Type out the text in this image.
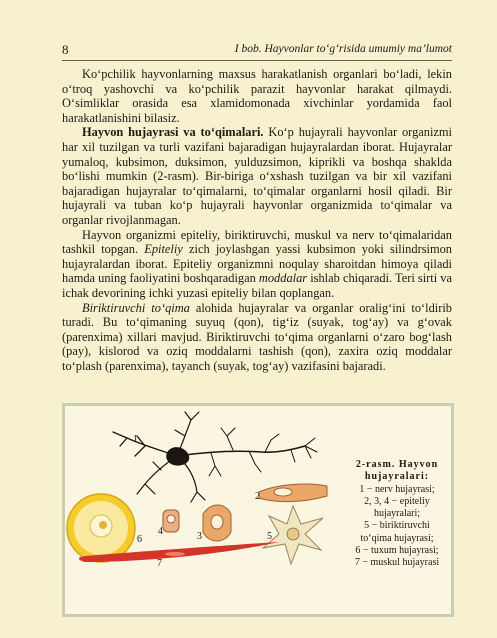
8	I bob. Hayvonlar to‘g‘risida umumiy ma’lumot

Ko‘pchilik hayvonlarning maxsus harakatlanish organlari bo‘ladi, lekin o‘troq yashovchi va ko‘pchilik parazit hayvonlar harakat qilmaydi. O‘simliklar orasida esa xlamidomonada xivchinlar yordamida faol harakatlanishini bilasiz.

Hayvon hujayrasi va to‘qimalari. Ko‘p hujayrali hayvonlar organizmi har xil tuzilgan va turli vazifani bajaradigan hujayralardan iborat. Hujayralar yumaloq, kubsimon, duksimon, yulduzsimon, kiprikli va boshqa shaklda bo‘lishi mumkin (2-rasm). Bir-biriga o‘xshash tuzilgan va bir xil vazifani bajaradigan hujayralar to‘qimalarni, to‘qimalar organlarni hosil qiladi. Bir hujayrali va tuban ko‘p hujayrali hayvonlar organizmida to‘qimalar va organlar rivojlanmagan.

Hayvon organizmi epiteliy, biriktiruvchi, muskul va nerv to‘qimalaridan tashkil topgan. Epiteliy zich joylashgan yassi kubsimon yoki silindrsimon hujayralardan iborat. Epiteliy organizmni noqulay sharoitdan himoya qiladi hamda uning faoliyatini boshqaradigan moddalar ishlab chiqaradi. Teri sirti va ichak devorining ichki yuzasi epiteliy bilan qoplangan.

Biriktiruvchi to‘qima alohida hujayralar va organlar oralig‘ini to‘ldirib turadi. Bu to‘qimaning suyuq (qon), tig‘iz (suyak, tog‘ay) va g‘ovak (parenxima) xillari mavjud. Biriktiruvchi to‘qima organlarni o‘zaro bog‘lash (pay), kislorod va oziq moddalarni tashish (qon), zaxira oziq moddalar to‘plash (parenxima), tayanch (suyak, tog‘ay) vazifasini bajaradi.

1
2
3
4	5
6
7
2-rasm. Hayvon hujayralari:
1 − nerv hujayrasi;
2, 3, 4 − epiteliy
hujayralari;
5 − biriktiruvchi
to‘qima hujayrasi;
6 − tuxum hujayrasi;
7 − muskul hujayrasi
